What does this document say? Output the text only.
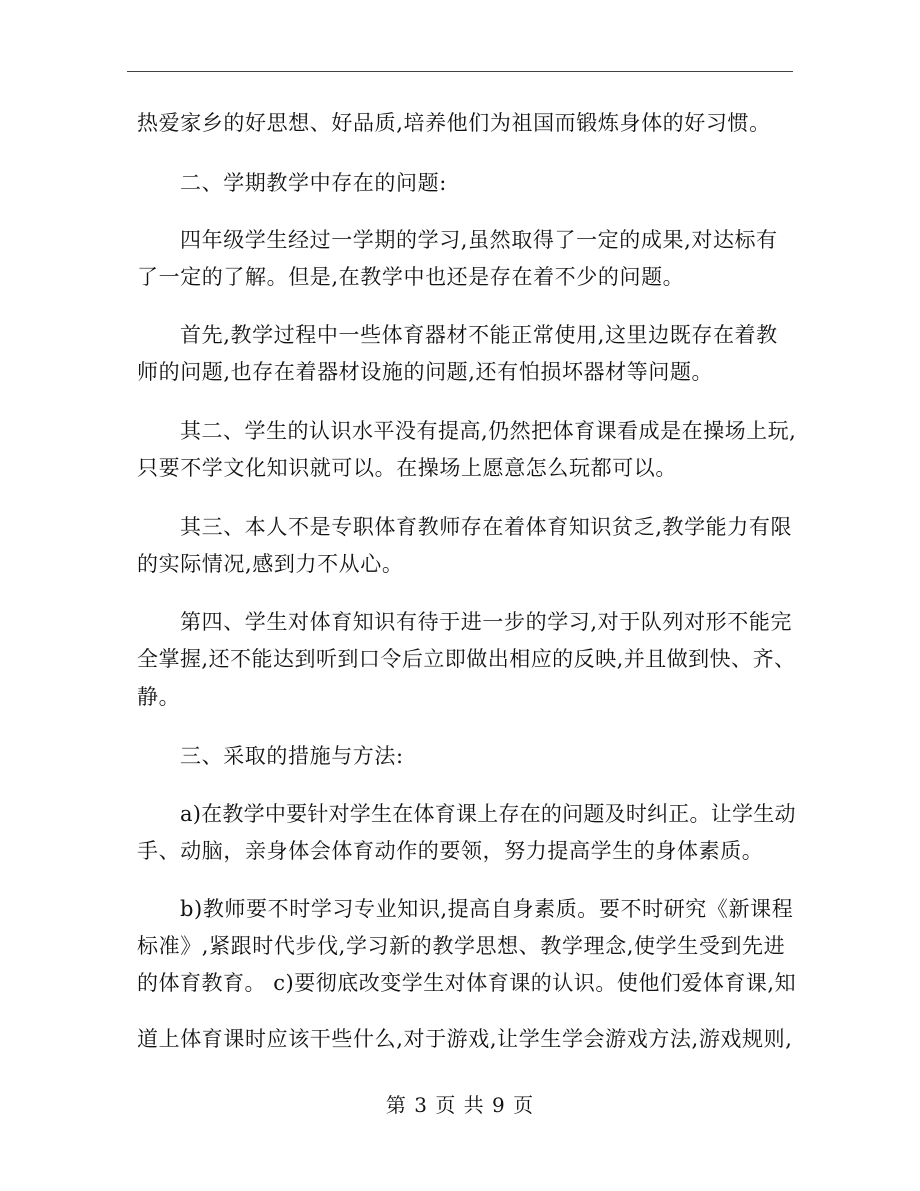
热爱家乡的好思想、好品质,培养他们为祖国而锻炼身体的好习惯。
二、学期教学中存在的问题:
四年级学生经过一学期的学习,虽然取得了一定的成果,对达标有
了一定的了解。但是,在教学中也还是存在着不少的问题。
首先,教学过程中一些体育器材不能正常使用,这里边既存在着教
师的问题,也存在着器材设施的问题,还有怕损坏器材等问题。
其二、学生的认识水平没有提高,仍然把体育课看成是在操场上玩,
只要不学文化知识就可以。在操场上愿意怎么玩都可以。
其三、本人不是专职体育教师存在着体育知识贫乏,教学能力有限
的实际情况,感到力不从心。
第四、学生对体育知识有待于进一步的学习,对于队列对形不能完
全掌握,还不能达到听到口令后立即做出相应的反映,并且做到快、齐、
静。
三、采取的措施与方法:
a)在教学中要针对学生在体育课上存在的问题及时纠正。让学生动
手、动脑，亲身体会体育动作的要领，努力提高学生的身体素质。
b)教师要不时学习专业知识,提高自身素质。要不时研究《新课程
标准》,紧跟时代步伐,学习新的教学思想、教学理念,使学生受到先进
的体育教育。 c)要彻底改变学生对体育课的认识。使他们爱体育课,知
道上体育课时应该干些什么,对于游戏,让学生学会游戏方法,游戏规则,
第 3 页 共 9 页
